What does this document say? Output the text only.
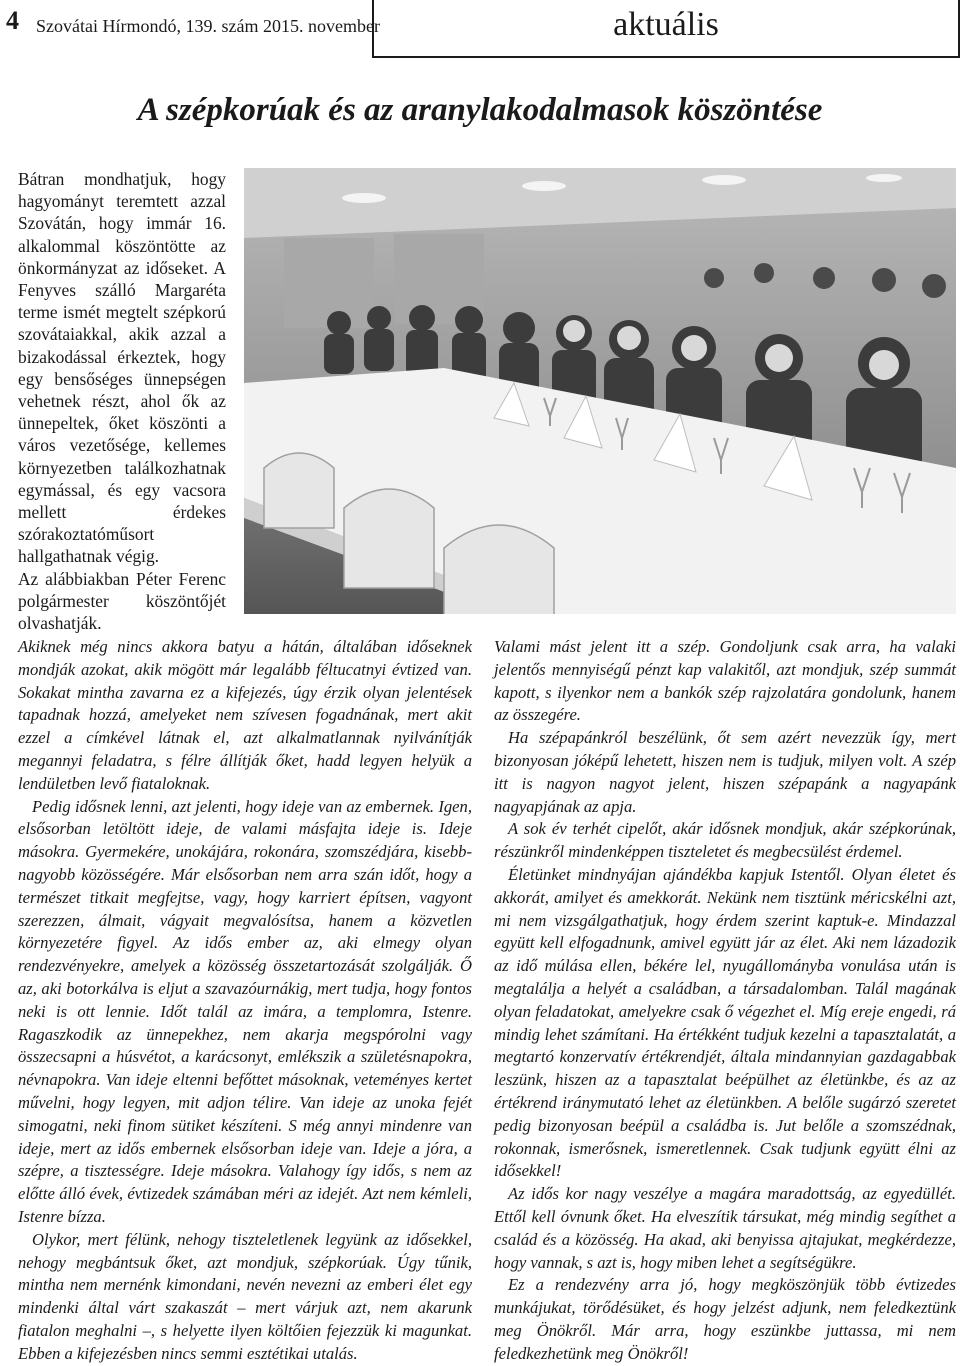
4 Szovátai Hírmondó, 139. szám 2015. november	aktuális
A szépkorúak és az aranylakodalmasok köszöntése

Bátran mondhatjuk, hogy hagyományt teremtett azzal Szovátán, hogy immár 16. alkalommal köszöntötte az önkormányzat az időseket. A Fenyves szálló Margaréta terme ismét megtelt szépkorú szovátaiakkal, akik azzal a bizakodással érkeztek, hogy egy bensőséges ünnepségen vehetnek részt, ahol ők az ünnepeltek, őket köszönti a város vezetősége, kellemes környezetben találkozhatnak egymással, és egy vacsora mellett érdekes szórakoztatóműsort hallgathatnak végig.

Az alábbiakban Péter Ferenc polgármester köszöntőjét olvashatják.

Akiknek még nincs akkora batyu a hátán, általában időseknek mondják azokat, akik mögött már legalább féltucatnyi évtized van. Sokakat mintha zavarna ez a kifejezés, úgy érzik olyan jelentések tapadnak hozzá, amelyeket nem szívesen fogadnának, mert akit ezzel a címkével látnak el, azt alkalmatlannak nyilvánítják megannyi feladatra, s félre állítják őket, hadd legyen helyük a lendületben levő fiataloknak.

Pedig idősnek lenni, azt jelenti, hogy ideje van az embernek. Igen, elsősorban letöltött ideje, de valami másfajta ideje is. Ideje másokra. Gyermekére, unokájára, rokonára, szomszédjára, kisebb-nagyobb közösségére. Már elsősorban nem arra szán időt, hogy a természet titkait megfejtse, vagy, hogy karriert építsen, vagyont szerezzen, álmait, vágyait megvalósítsa, hanem a közvetlen környezetére figyel. Az idős ember az, aki elmegy olyan rendezvényekre, amelyek a közösség összetartozását szolgálják. Ő az, aki botorkálva is eljut a szavazóurnákig, mert tudja, hogy fontos neki is ott lennie. Időt talál az imára, a templomra, Istenre. Ragaszkodik az ünnepekhez, nem akarja megspórolni vagy összecsapni a húsvétot, a karácsonyt, emlékszik a születésnapokra, névnapokra. Van ideje eltenni befőttet másoknak, veteményes kertet művelni, hogy legyen, mit adjon télire. Van ideje az unoka fejét simogatni, neki finom sütiket készíteni. S még annyi mindenre van ideje, mert az idős embernek elsősorban ideje van. Ideje a jóra, a szépre, a tisztességre. Ideje másokra. Valahogy így idős, s nem az előtte álló évek, évtizedek számában méri az idejét. Azt nem kémleli, Istenre bízza.

Olykor, mert félünk, nehogy tiszteletlenek legyünk az idősekkel, nehogy megbántsuk őket, azt mondjuk, szépkorúak. Úgy tűnik, mintha nem mernénk kimondani, nevén nevezni az emberi élet egy mindenki által várt szakaszát – mert várjuk azt, nem akarunk fiatalon meghalni –, s helyette ilyen költőien fejezzük ki magunkat. Ebben a kifejezésben nincs semmi esztétikai utalás.

Valami mást jelent itt a szép. Gondoljunk csak arra, ha valaki jelentős mennyiségű pénzt kap valakitől, azt mondjuk, szép summát kapott, s ilyenkor nem a bankók szép rajzolatára gondolunk, hanem az összegére.

Ha szépapánkról beszélünk, őt sem azért nevezzük így, mert bizonyosan jóképű lehetett, hiszen nem is tudjuk, milyen volt. A szép itt is nagyon nagyot jelent, hiszen szépapánk a nagyapánk nagyapjának az apja.

A sok év terhét cipelőt, akár idősnek mondjuk, akár szépkorúnak, részünkről mindenképpen tiszteletet és megbecsülést érdemel.

Életünket mindnyájan ajándékba kapjuk Istentől. Olyan életet és akkorát, amilyet és amekkorát. Nekünk nem tisztünk méricskélni azt, mi nem vizsgálgathatjuk, hogy érdem szerint kaptuk-e. Mindazzal együtt kell elfogadnunk, amivel együtt jár az élet. Aki nem lázadozik az idő múlása ellen, békére lel, nyugállományba vonulása után is megtalálja a helyét a családban, a társadalomban. Talál magának olyan feladatokat, amelyekre csak ő végezhet el. Míg ereje engedi, rá mindig lehet számítani. Ha értékként tudjuk kezelni a tapasztalatát, a megtartó konzervatív értékrendjét, általa mindannyian gazdagabbak leszünk, hiszen az a tapasztalat beépülhet az életünkbe, és az az értékrend iránymutató lehet az életünkben. A belőle sugárzó szeretet pedig bizonyosan beépül a családba is. Jut belőle a szomszédnak, rokonnak, ismerősnek, ismeretlennek. Csak tudjunk együtt élni az idősekkel!

Az idős kor nagy veszélye a magára maradottság, az egyedüllét. Ettől kell óvnunk őket. Ha elveszítik társukat, még mindig segíthet a család és a közösség. Ha akad, aki benyissa ajtajukat, megkérdezze, hogy vannak, s azt is, hogy miben lehet a segítségükre.

Ez a rendezvény arra jó, hogy megköszönjük több évtizedes munkájukat, törődésüket, és hogy jelzést adjunk, nem feledkeztünk meg Önökről. Már arra, hogy eszünkbe juttassa, mi nem feledkezhetünk meg Önökről!
